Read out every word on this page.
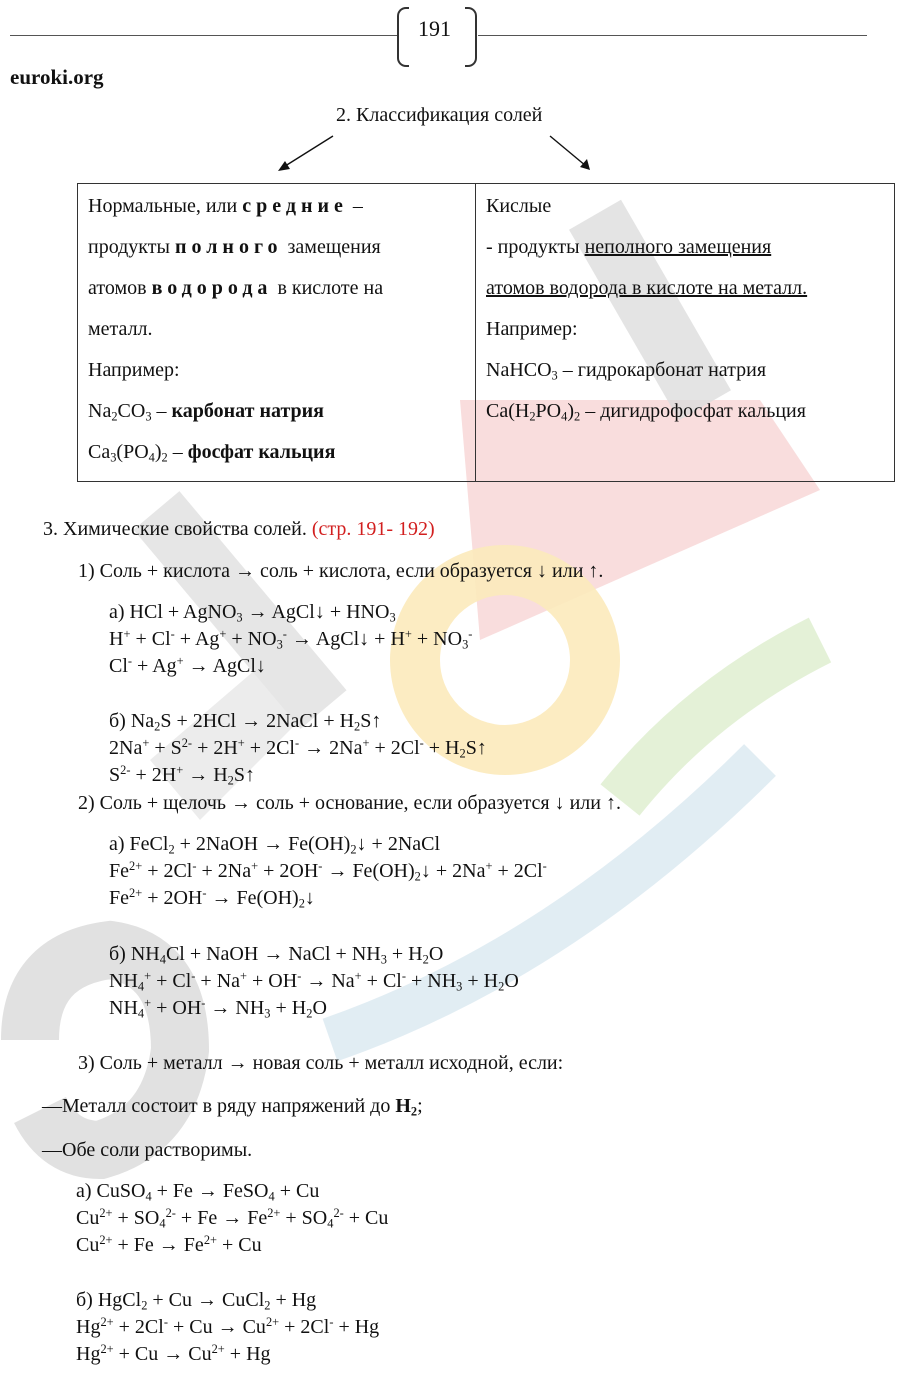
191
euroki.org
2. Классификация солей
Нормальные, или средние –
продукты полного замещения
атомов водорода в кислоте на
металл.
Например:
$Na_2CO_3$ – карбонат натрия
$Ca_3(PO_4)_2$ – фосфат кальция

Кислые
- продукты неполного замещения
атомов водорода в кислоте на металл.
Например:
NaHCO$_3$ – гидрокарбонат натрия
$Ca(H_2PO_4)_2$ – дигидрофосфат кальция
3. Химические свойства солей. (стр. 191- 192)
1) Соль + кислота → соль + кислота, если образуется ↓ или ↑.
а) HCl + AgNO$_3$ → AgCl↓ + $HNO_3$
$H^+ + Cl^- + Ag^+ + NO_3^-$ → AgCl↓ + $H^+ + NO_3^-$
Cl- + Ag+ → AgCl↓
б) $Na_2S + 2HCl$ → 2NaCl + $H_2S↑$
$2Na^+ + S^{2-} + 2H^+ + 2Cl^- \to 2Na^+ + 2Cl^-$ + $H_2S↑$
$S^{2-} + 2H^+$ → $H_2S↑$
2) Соль + щелочь → соль + основание, если образуется ↓ или ↑.
а) FeCl$_2$ + 2NaOH → $Fe(OH)_2↓$ + 2NaCl
$Fe^{2+} + 2Cl^- + 2Na^+ + 2OH^-$ → $Fe(OH)_2↓ + 2Na^+ + 2Cl^-$
$Fe^{2+} + 2OH^-$ → $Fe(OH)_2↓$
б) $NH_4Cl$ + NaOH → NaCl + $NH_3 + H_2O$
$NH_4^+ + Cl^- + Na^+ + OH^- \to Na^+ + Cl^- + NH_3 + H_2O$
$NH_4^+ + OH^- \to NH_3 + H_2O$
3) Соль + металл → новая соль + металл исходной, если:
—Металл состоит в ряду напряжений до $H_2$;
—Обе соли растворимы.
а) CuSO$_4$ + Fe → FeSO$_4$ + Cu
$Cu^{2+} + SO_4^{2-} + Fe \to Fe^{2+} + SO_4^{2-} + Cu$
$Cu^{2+} + Fe \to Fe^{2+} + Cu$
б) HgCl$_2$ + Cu → CuCl$_2$ + Hg
$Hg^{2+} + 2Cl^- + Cu \to Cu^{2+} + 2Cl^- + Hg$
$Hg^{2+} + Cu \to Cu^{2+} + Hg$
